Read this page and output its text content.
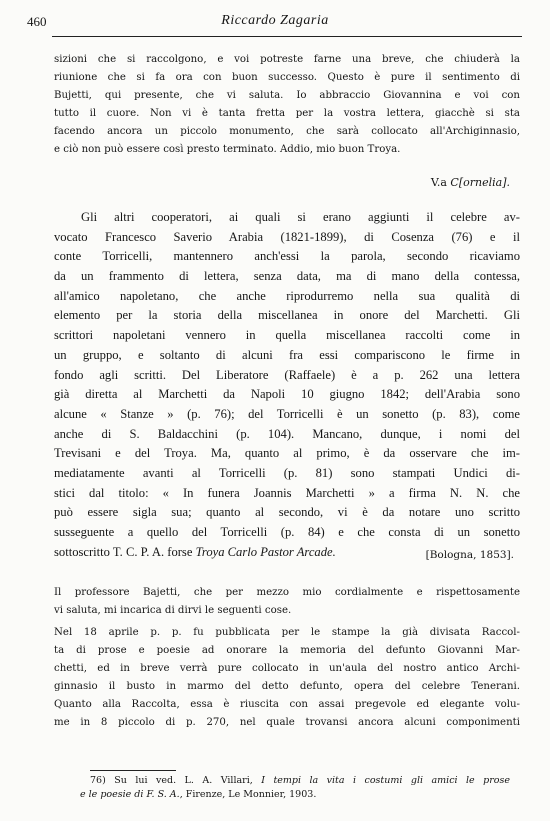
460	Riccardo Zagaria
sizioni che si raccolgono, e voi potreste farne una breve, che chiuderà la
riunione che si fa ora con buon successo. Questo è pure il sentimento di
Bujetti, qui presente, che vi saluta. Io abbraccio Giovannina e voi con
tutto il cuore. Non vi è tanta fretta per la vostra lettera, giacchè si sta
facendo ancora un piccolo monumento, che sarà collocato all'Archiginnasio,
e ciò non può essere così presto terminato. Addio, mio buon Troya.
V.a C[ornelia].
Gli altri cooperatori, ai quali si erano aggiunti il celebre av-
vocato Francesco Saverio Arabia (1821-1899), di Cosenza (76) e il
conte Torricelli, mantennero anch'essi la parola, secondo ricaviamo
da un frammento di lettera, senza data, ma di mano della contessa,
all'amico napoletano, che anche riprodurremo nella sua qualità di
elemento per la storia della miscellanea in onore del Marchetti. Gli
scrittori napoletani vennero in quella miscellanea raccolti come in
un gruppo, e soltanto di alcuni fra essi compariscono le firme in
fondo agli scritti. Del Liberatore (Raffaele) è a p. 262 una lettera
già diretta al Marchetti da Napoli 10 giugno 1842; dell'Arabia sono
alcune « Stanze » (p. 76); del Torricelli è un sonetto (p. 83), come
anche di S. Baldacchini (p. 104). Mancano, dunque, i nomi del
Trevisani e del Troya. Ma, quanto al primo, è da osservare che im-
mediatamente avanti al Torricelli (p. 81) sono stampati Undici di-
stici dal titolo: « In funera Joannis Marchetti » a firma N. N. che
può essere sigla sua; quanto al secondo, vi è da notare uno scritto
susseguente a quello del Torricelli (p. 84) e che consta di un sonetto
sottoscritto T. C. P. A. forse Troya Carlo Pastor Arcade.	[Bologna, 1853].
Il professore Bajetti, che per mezzo mio cordialmente e rispettosamente
vi saluta, mi incarica di dirvi le seguenti cose.
Nel 18 aprile p. p. fu pubblicata per le stampe la già divisata Raccol-
ta di prose e poesie ad onorare la memoria del defunto Giovanni Mar-
chetti, ed in breve verrà pure collocato in un'aula del nostro antico Archi-
ginnasio il busto in marmo del detto defunto, opera del celebre Tenerani.
Quanto alla Raccolta, essa è riuscita con assai pregevole ed elegante volu-
me in 8 piccolo di p. 270, nel quale trovansi ancora alcuni componimenti
76) Su lui ved. L. A. Villari, I tempi la vita i costumi gli amici le prose
e le poesie di F. S. A., Firenze, Le Monnier, 1903.
